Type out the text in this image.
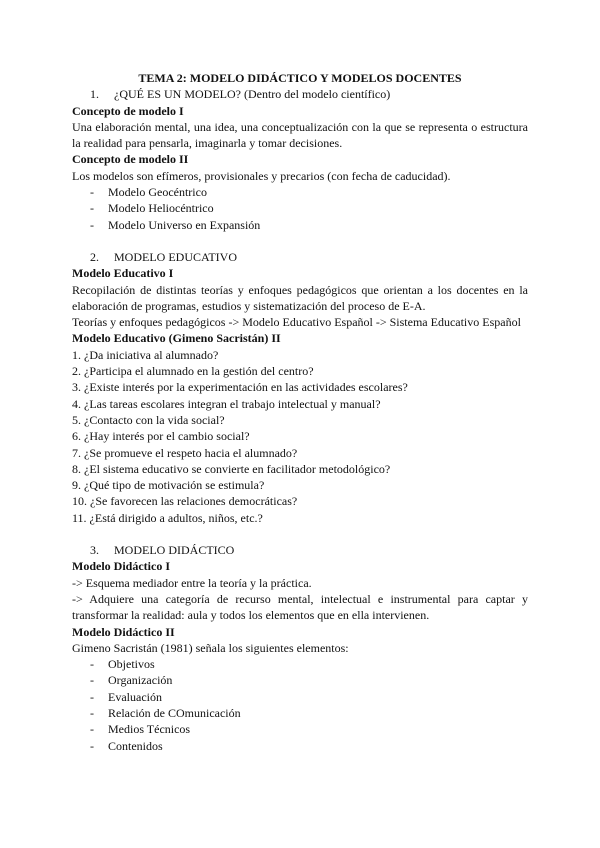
TEMA 2: MODELO DIDÁCTICO Y MODELOS DOCENTES

1. ¿QUÉ ES UN MODELO? (Dentro del modelo científico)

Concepto de modelo I

Una elaboración mental, una idea, una conceptualización con la que se representa o estructura la realidad para pensarla, imaginarla y tomar decisiones.

Concepto de modelo II

Los modelos son efímeros, provisionales y precarios (con fecha de caducidad).

- Modelo Geocéntrico
- Modelo Heliocéntrico
- Modelo Universo en Expansión

2. MODELO EDUCATIVO

Modelo Educativo I

Recopilación de distintas teorías y enfoques pedagógicos que orientan a los docentes en la elaboración de programas, estudios y sistematización del proceso de E-A.

Teorías y enfoques pedagógicos -> Modelo Educativo Español -> Sistema Educativo Español

Modelo Educativo (Gimeno Sacristán) II

1. ¿Da iniciativa al alumnado?

2. ¿Participa el alumnado en la gestión del centro?

3. ¿Existe interés por la experimentación en las actividades escolares?

4. ¿Las tareas escolares integran el trabajo intelectual y manual?

5. ¿Contacto con la vida social?

6. ¿Hay interés por el cambio social?

7. ¿Se promueve el respeto hacia el alumnado?

8. ¿El sistema educativo se convierte en facilitador metodológico?

9. ¿Qué tipo de motivación se estimula?

10. ¿Se favorecen las relaciones democráticas?

11. ¿Está dirigido a adultos, niños, etc.?

3. MODELO DIDÁCTICO

Modelo Didáctico I

-> Esquema mediador entre la teoría y la práctica.

-> Adquiere una categoría de recurso mental, intelectual e instrumental para captar y transformar la realidad: aula y todos los elementos que en ella intervienen.

Modelo Didáctico II

Gimeno Sacristán (1981) señala los siguientes elementos:

- Objetivos
- Organización
- Evaluación
- Relación de COmunicación
- Medios Técnicos
- Contenidos
